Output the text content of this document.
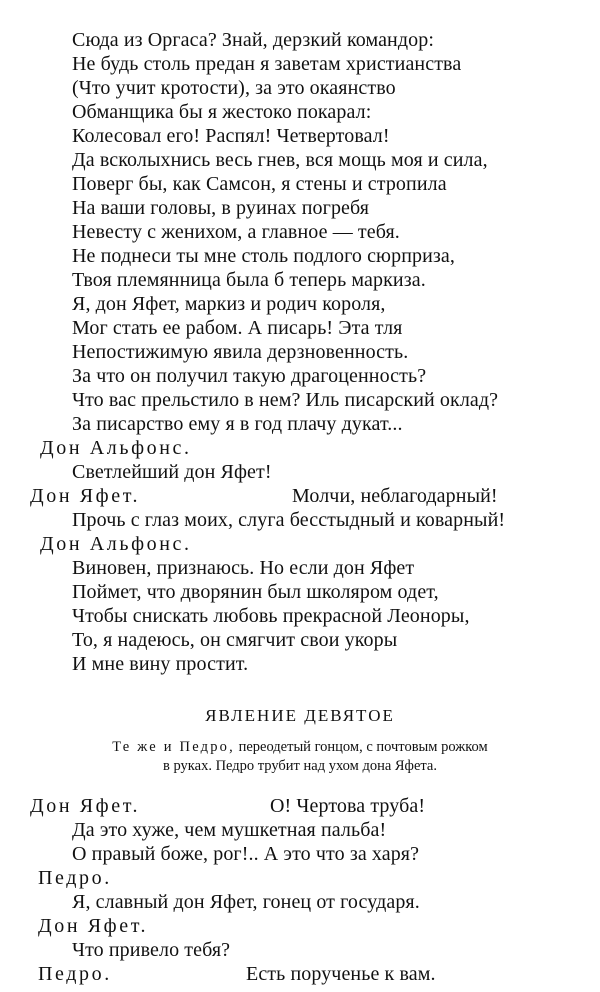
Сюда из Оргаса? Знай, дерзкий командор:
Не будь столь предан я заветам христианства
(Что учит кротости), за это окаянство
Обманщика бы я жестоко покарал:
Колесовал его! Распял! Четвертовал!
Да всколыхнись весь гнев, вся мощь моя и сила,
Поверг бы, как Самсон, я стены и стропила
На ваши головы, в руинах погребя
Невесту с женихом, а главное — тебя.
Не поднеси ты мне столь подлого сюрприза,
Твоя племянница была б теперь маркиза.
Я, дон Яфет, маркиз и родич короля,
Мог стать ее рабом. А писарь! Эта тля
Непостижимую явила дерзновенность.
За что он получил такую драгоценность?
Что вас прельстило в нем? Иль писарский оклад?
За писарство ему я в год плачу дукат...
Дон Альфонс.
Светлейший дон Яфет!
Дон Яфет.	Молчи, неблагодарный!
Прочь с глаз моих, слуга бесстыдный и коварный!
Дон Альфонс.
Виновен, признаюсь. Но если дон Яфет
Поймет, что дворянин был школяром одет,
Чтобы снискать любовь прекрасной Леоноры,
То, я надеюсь, он смягчит свои укоры
И мне вину простит.
ЯВЛЕНИЕ ДЕВЯТОЕ
Те же и Педро, переодетый гонцом, с почтовым рожком
в руках. Педро трубит над ухом дона Яфета.
Дон Яфет.	О! Чертова труба!
Да это хуже, чем мушкетная пальба!
О правый боже, рог!.. А это что за харя?
Педро.
Я, славный дон Яфет, гонец от государя.
Дон Яфет.
Что привело тебя?
Педро.	Есть порученье к вам.
